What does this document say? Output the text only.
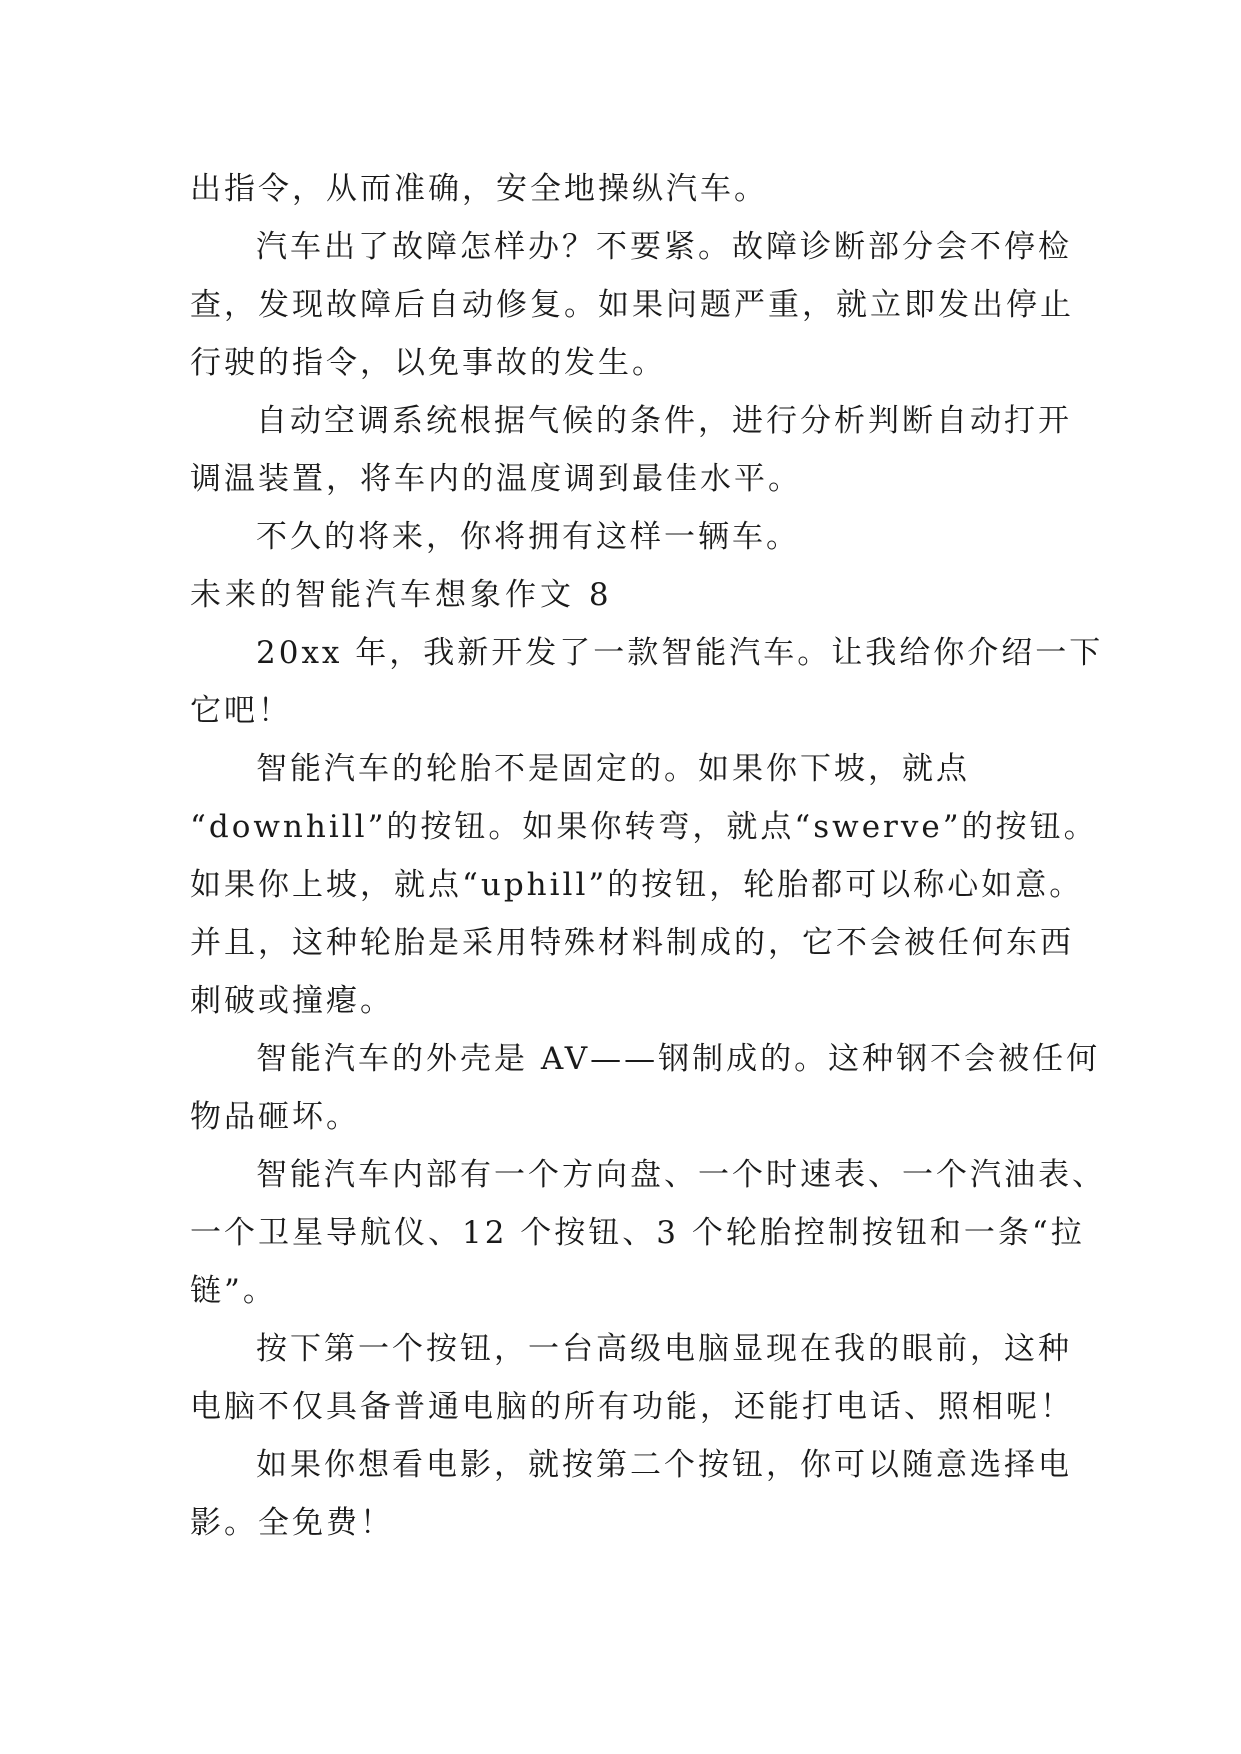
出指令，从而准确，安全地操纵汽车。
汽车出了故障怎样办？不要紧。故障诊断部分会不停检
查，发现故障后自动修复。如果问题严重，就立即发出停止
行驶的指令，以免事故的发生。
自动空调系统根据气候的条件，进行分析判断自动打开
调温装置，将车内的温度调到最佳水平。
不久的将来，你将拥有这样一辆车。
未来的智能汽车想象作文 8
20xx 年，我新开发了一款智能汽车。让我给你介绍一下
它吧！
智能汽车的轮胎不是固定的。如果你下坡，就点
“downhill”的按钮。如果你转弯，就点“swerve”的按钮。
如果你上坡，就点“uphill”的按钮，轮胎都可以称心如意。
并且，这种轮胎是采用特殊材料制成的，它不会被任何东西
刺破或撞瘪。
智能汽车的外壳是 AV——钢制成的。这种钢不会被任何
物品砸坏。
智能汽车内部有一个方向盘、一个时速表、一个汽油表、
一个卫星导航仪、12 个按钮、3 个轮胎控制按钮和一条“拉
链”。
按下第一个按钮，一台高级电脑显现在我的眼前，这种
电脑不仅具备普通电脑的所有功能，还能打电话、照相呢！
如果你想看电影，就按第二个按钮，你可以随意选择电
影。全免费！
